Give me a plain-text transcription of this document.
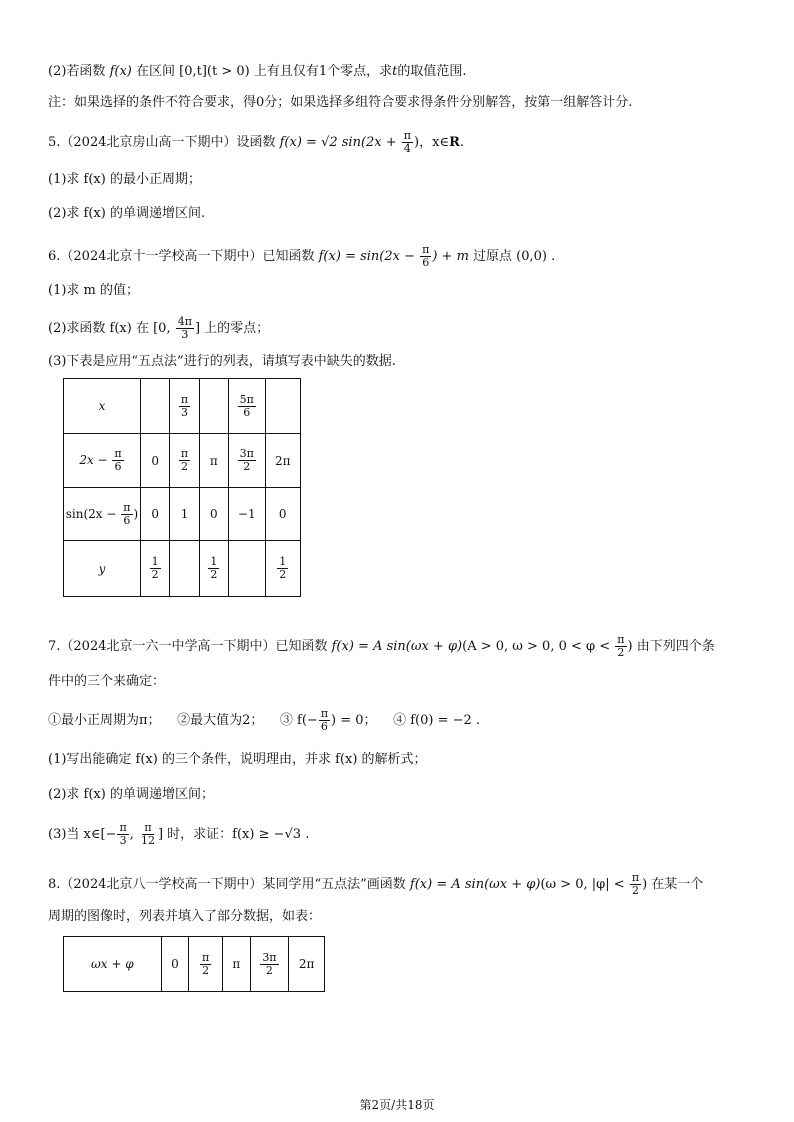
(2)若函数 f(x) 在区间 [0,t](t > 0) 上有且仅有1个零点，求t的取值范围.
注：如果选择的条件不符合要求，得0分；如果选择多组符合要求得条件分别解答，按第一组解答计分.
5.（2024北京房山高一下期中）设函数 f(x) = √2 $\sin(2x + \frac{\pi}{4}$ )，x∈R.
(1)求 f(x) 的最小正周期；
(2)求 f(x) 的单调递增区间.
6.（2024北京十一学校高一下期中）已知函数 $f(x) = \sin(2x - \frac{\pi}{6}$ ) + m 过原点 (0,0) .
(1)求 m 的值；
(2)求函数 f(x) 在 [0, $\frac{4\pi}{3}$ ] 上的零点；
(3)下表是应用“五点法”进行的列表，请填写表中缺失的数据.
x		$\frac{\pi}{3}$		$\frac{5\pi}{6}$

$2x - \frac{\pi}{6}$	0	$\frac{\pi}{2}$	π	$\frac{3\pi}{2}$	2π
$\sin(2x - \frac{\pi}{6}$ )	0	1	0	−1	0
y	$\frac{1}{2}$		$\frac{1}{2}$		$\frac{1}{2}$
7.（2024北京一六一中学高一下期中）已知函数 f(x) = A sin(ωx + φ)(A > 0, ω > 0, $0 < \varphi < \frac{\pi}{2}$ ) 由下列四个条
件中的三个来确定：
①最小正周期为π； ②最大值为2； ③ $f(- \frac{\pi}{6}$ ) = 0； ④ f(0) = −2 .
(1)写出能确定 f(x) 的三个条件，说明理由，并求 f(x) 的解析式；
(2)求 f(x) 的单调递增区间；
(3)当 x∈[− $\frac{\pi}{3}$ , $\frac{\pi}{12}$ ] 时，求证：f(x) ≥ −√3 .
8.（2024北京八一学校高一下期中）某同学用“五点法”画函数 f(x) = A sin(ωx + φ)(ω > 0, $|\varphi| < \frac{\pi}{2}$ ) 在某一个
周期的图像时，列表并填入了部分数据，如表：
ωx + φ	0	$\frac{\pi}{2}$	π	$\frac{3\pi}{2}$	2π
第2页/共18页
